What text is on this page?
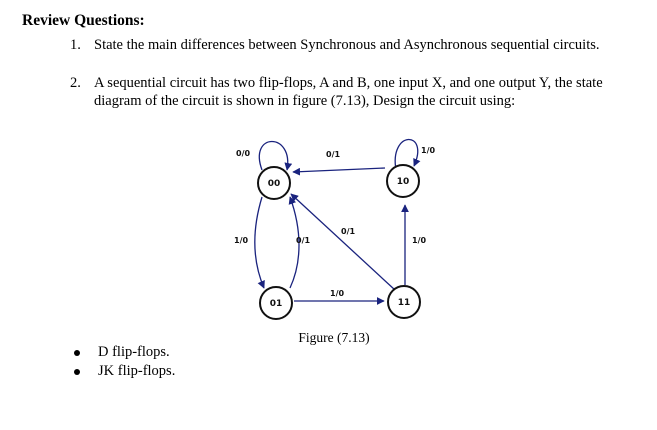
Review Questions:
1. State the main differences between Synchronous and Asynchronous sequential circuits.
2. A sequential circuit has two flip-flops, A and B, one input X, and one output Y, the state diagram of the circuit is shown in figure (7.13), Design the circuit using:
00	10
01	11
0/0	0/1	1/0
1/0	0/1
0/1
1/0
1/0
Figure (7.13)
D flip-flops.
JK flip-flops.
